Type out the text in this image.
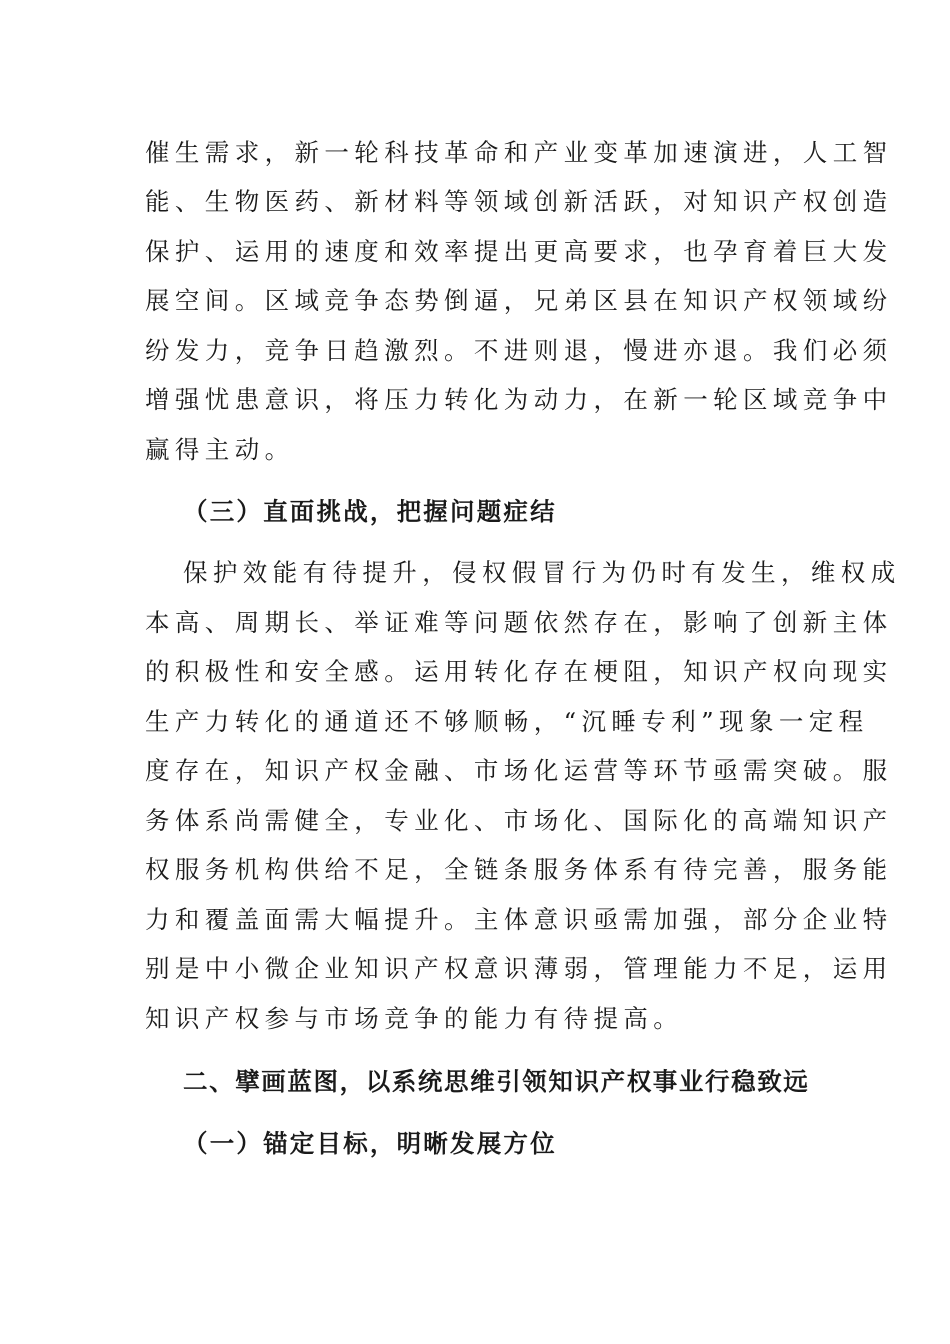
催生需求，新一轮科技革命和产业变革加速演进，人工智
能、生物医药、新材料等领域创新活跃，对知识产权创造
保护、运用的速度和效率提出更高要求，也孕育着巨大发
展空间。区域竞争态势倒逼，兄弟区县在知识产权领域纷
纷发力，竞争日趋激烈。不进则退，慢进亦退。我们必须
增强忧患意识，将压力转化为动力，在新一轮区域竞争中
赢得主动。
（三）直面挑战，把握问题症结
保护效能有待提升，侵权假冒行为仍时有发生，维权成
本高、周期长、举证难等问题依然存在，影响了创新主体
的积极性和安全感。运用转化存在梗阻，知识产权向现实
生产力转化的通道还不够顺畅，“沉睡专利”现象一定程
度存在，知识产权金融、市场化运营等环节亟需突破。服
务体系尚需健全，专业化、市场化、国际化的高端知识产
权服务机构供给不足，全链条服务体系有待完善，服务能
力和覆盖面需大幅提升。主体意识亟需加强，部分企业特
别是中小微企业知识产权意识薄弱，管理能力不足，运用
知识产权参与市场竞争的能力有待提高。
二、擘画蓝图，以系统思维引领知识产权事业行稳致远
（一）锚定目标，明晰发展方位
